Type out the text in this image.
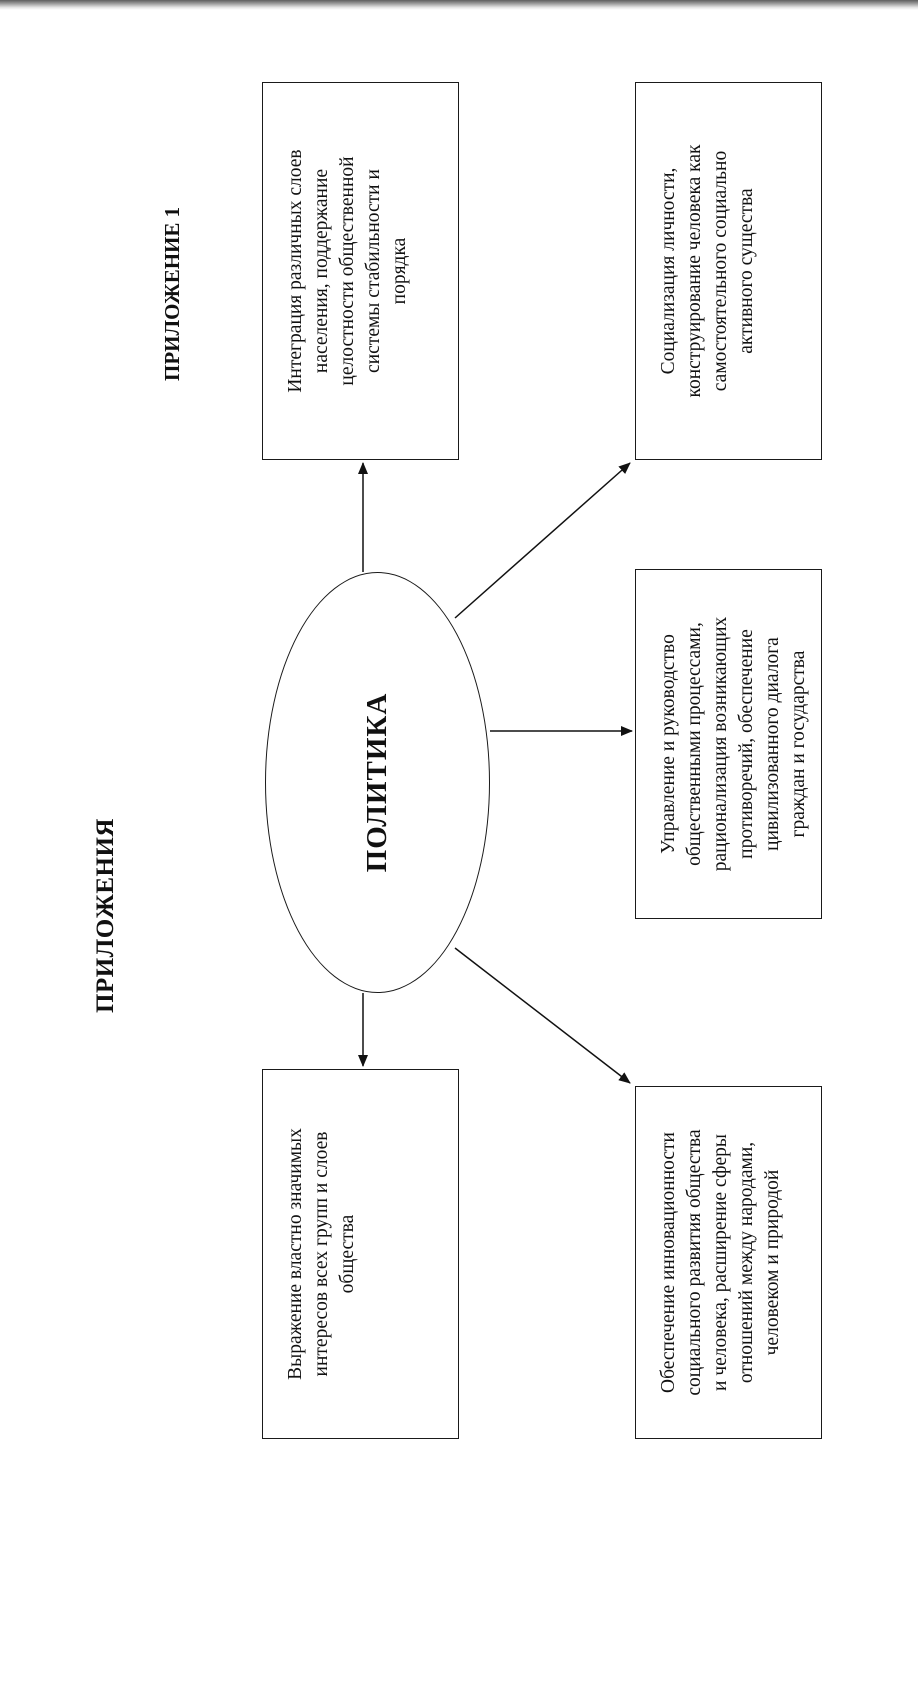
ПРИЛОЖЕНИЯ
ПРИЛОЖЕНИЕ 1
ПОЛИТИКА
Интеграция различных слоев населения, поддержание целостности общественной системы стабильности и порядка	Социализация личности, конструирование человека как самостоятельного социально активного существа
Управление и руководство общественными процессами, рационализация возникающих противоречий, обеспечение цивилизованного диалога граждан и государства
Выражение властно значимых интересов всех групп и слоев общества	Обеспечение инновационности социального развития общества и человека, расширение сферы отношений между народами, человеком и природой
